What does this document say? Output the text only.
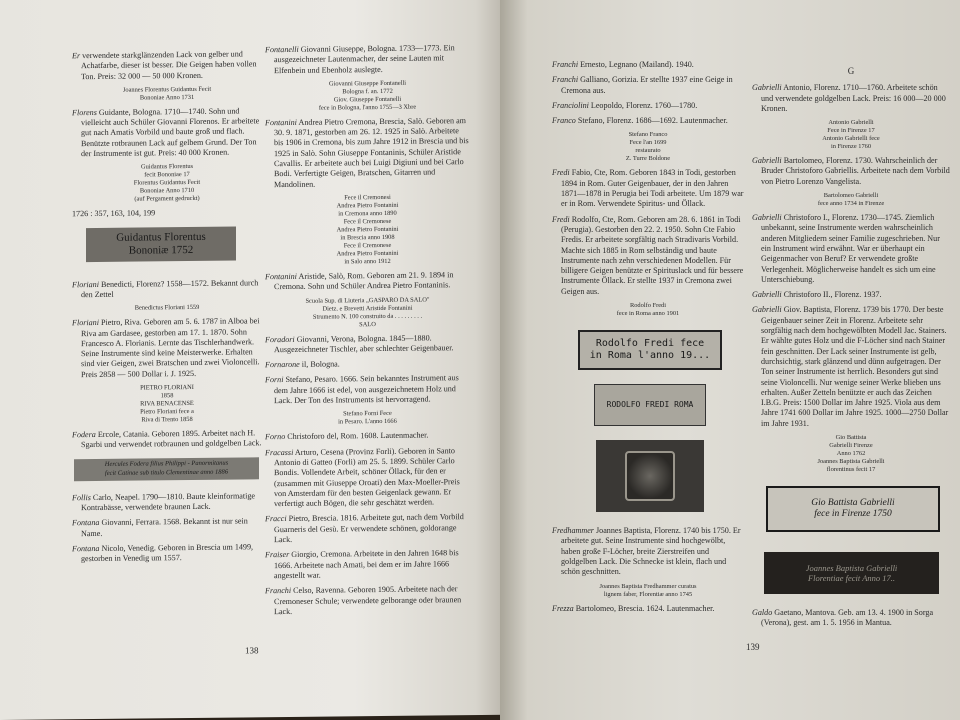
Er verwendete starkglänzenden Lack von gelber und Achatfarbe, dieser ist besser. Die Geigen haben vollen Ton. Preis: 32 000 — 50 000 Kronen.

Joannes Florentus Guidantus Fecit
Bononiae Anno 1731

Florens Guidante, Bologna. 1710—1740. Sohn und vielleicht auch Schüler Giovanni Florenos. Er arbeitete gut nach Amatis Vorbild und baute groß und flach. Benützte rotbraunen Lack auf gelbem Grund. Der Ton der Instrumente ist gut. Preis: 40 000 Kronen.

Guidantus Florentus
fecit Bononiae 17
Florentus Guidantus Fecit
Bononiae Anno 1710
(auf Pergament gedruckt)

1726 : 357, 163, 104, 199

Guidantus Florentus
Bononiæ 1752

Floriani Benedicti, Florenz? 1558—1572. Bekannt durch den Zettel

Benedictus Floriani 1559

Floriani Pietro, Riva. Geboren am 5. 6. 1787 in Alboa bei Riva am Gardasee, gestorben am 17. 1. 1870. Sohn Francesco A. Florianis. Lernte das Tischlerhandwerk. Seine Instrumente sind keine Meisterwerke. Erhalten sind vier Geigen, zwei Bratschen und zwei Violoncelli. Preis 2858 — 500 Dollar i. J. 1925.

PIETRO FLORIANI
1858
RIVA BENACENSE
Pietro Floriani fece a
Riva di Trento 1858

Fodera Ercole, Catania. Geboren 1895. Arbeitet nach H. Sgarbi und verwendet rotbraunen und goldgelben Lack.

Hercules Fodera filius Philippi - Panormitanus
fecit Catinae sub titulo Clementinae anno 1886

Follis Carlo, Neapel. 1790—1810. Baute kleinformatige Kontrabässe, verwendete braunen Lack.

Fontana Giovanni, Ferrara. 1568. Bekannt ist nur sein Name.

Fontana Nicolo, Venedig. Geboren in Brescia um 1499, gestorben in Venedig um 1557.

Fontanelli Giovanni Giuseppe, Bologna. 1733—1773. Ein ausgezeichneter Lautenmacher, der seine Lauten mit Elfenbein und Ebenholz auslegte.

Giovanni Giuseppe Fontanelli
Bologna f. an. 1772
Giov. Giuseppe Fontanelli
fece in Bologna, l'anno 1755—3 Xbre

Fontanini Andrea Pietro Cremona, Brescia, Salò. Geboren am 30. 9. 1871, gestorben am 26. 12. 1925 in Salò. Arbeitete bis 1906 in Cremona, bis zum Jahre 1912 in Brescia und bis 1925 in Salò. Sohn Giuseppe Fontaninis, Schüler Aristide Cavallis. Er arbeitete auch bei Luigi Digiuni und bei Carlo Bodi. Verfertigte Geigen, Bratschen, Gitarren und Mandolinen.

Fece il Cremonesi
Andrea Pietro Fontanini
in Cremona anno 1890
Fece il Cremonese
Andrea Pietro Fontanini
in Brescia anno 1908
Fece il Cremonese
Andrea Pietro Fontanini
in Salo anno 1912

Fontanini Aristide, Salò, Rom. Geboren am 21. 9. 1894 in Cremona. Sohn und Schüler Andrea Pietro Fontaninis.

Scuola Sup. di Liuteria „GASPARO DA SALO"
Dietz. e Brevetti Aristide Fontanini
Strumento N. 100 construito da . . . . . . . . .
SALO

Foradori Giovanni, Verona, Bologna. 1845—1880. Ausgezeichneter Tischler, aber schlechter Geigenbauer.

Fornarone il, Bologna.

Forni Stefano, Pesaro. 1666. Sein bekanntes Instrument aus dem Jahre 1666 ist edel, von ausgezeichnetem Holz und Lack. Der Ton des Instruments ist hervorragend.

Stefano Forni Fece
in Pesaro. L'anno 1666

Forno Christoforo del, Rom. 1608. Lautenmacher.

Fracassi Arturo, Cesena (Provinz Forli). Geboren in Santo Antonio di Gatteo (Forli) am 25. 5. 1899. Schüler Carlo Bondis. Vollendete Arbeit, schöner Öllack, für den er (zusammen mit Giuseppe Oroati) den Max-Moeller-Preis von Amsterdam für den besten Geigenlack gewann. Er verfertigt auch Bögen, die sehr geschätzt werden.

Fracci Pietro, Brescia. 1816. Arbeitete gut, nach dem Vorbild Guarneris del Gesù. Er verwendete schönen, goldorange Lack.

Fraiser Giorgio, Cremona. Arbeitete in den Jahren 1648 bis 1666. Arbeitete nach Amati, bei dem er im Jahre 1666 angestellt war.

Franchi Celso, Ravenna. Geboren 1905. Arbeitete nach der Cremoneser Schule; verwendete gelborange oder braunen Lack.

138

Franchi Ernesto, Legnano (Mailand). 1940.

Franchi Galliano, Gorizia. Er stellte 1937 eine Geige in Cremona aus.

Franciolini Leopoldo, Florenz. 1760—1780.

Franco Stefano, Florenz. 1686—1692. Lautenmacher.

Stefano Franco
Fece l'an 1699
restaurato
Z. Turre Boldone

Fredi Fabio, Cte, Rom. Geboren 1843 in Todi, gestorben 1894 in Rom. Guter Geigenbauer, der in den Jahren 1871—1878 in Perugia bei Todi arbeitete. Um 1879 war er in Rom. Verwendete Spiritus- und Öllack.

Fredi Rodolfo, Cte, Rom. Geboren am 28. 6. 1861 in Todi (Perugia). Gestorben den 22. 2. 1950. Sohn Cte Fabio Fredis. Er arbeitete sorgfältig nach Stradivaris Vorbild. Machte sich 1885 in Rom selbständig und baute Instrumente nach zehn verschiedenen Modellen. Für billigere Geigen benützte er Spirituslack und für bessere Instrumente Öllack. Er stellte 1937 in Cremona zwei Geigen aus.

Rodolfo Fredi
fece in Roma anno 1901
Rodolfo Fredi fece
in Roma l'anno 19...
RODOLFO FREDI ROMA

Fredhammer Joannes Baptista, Florenz. 1740 bis 1750. Er arbeitete gut. Seine Instrumente sind hochgewölbt, haben große F-Löcher, breite Zierstreifen und goldgelben Lack. Die Schnecke ist klein, flach und schön geschnitten.

Joannes Baptista Fredhammer curatus
lignem faber, Florentiæ anno 1745

Frezza Bartolomeo, Brescia. 1624. Lautenmacher.

G

Gabrielli Antonio, Florenz. 1710—1760. Arbeitete schön und verwendete goldgelben Lack. Preis: 16 000—20 000 Kronen.

Antonio Gabrielli
Fece in Firenze 17
Antonio Gabrielli fece
in Firenze 1760

Gabrielli Bartolomeo, Florenz. 1730. Wahrscheinlich der Bruder Christoforo Gabriellis. Arbeitete nach dem Vorbild von Pietro Lorenzo Vangelista.

Bartolomeo Gabrielli
fece anno 1734 in Firenze

Gabrielli Christoforo I., Florenz. 1730—1745. Ziemlich unbekannt, seine Instrumente werden wahrscheinlich anderen Mitgliedern seiner Familie zugeschrieben. Nur ein Instrument wird erwähnt. War er überhaupt ein Geigenmacher von Beruf? Er verwendete großte Verlegenheit. Möglicherweise handelt es sich um eine Unterschiebung.

Gabrielli Christoforo II., Florenz. 1937.

Gabrielli Giov. Baptista, Florenz. 1739 bis 1770. Der beste Geigenbauer seiner Zeit in Florenz. Arbeitete sehr sorgfältig nach dem hochgewölbten Modell Jac. Stainers. Er wählte gutes Holz und die F-Löcher sind nach Stainer fein geschnitten. Der Lack seiner Instrumente ist gelb, durchsichtig, stark glänzend und dünn aufgetragen. Der Ton seiner Instrumente ist herrlich. Besonders gut sind seine Violoncelli. Nur wenige seiner Werke blieben uns erhalten. Außer Zetteln benützte er auch das Zeichen I.B.G. Preis: 1500 Dollar im Jahre 1925. Viola aus dem Jahre 1741 600 Dollar im Jahre 1925. 1000—2750 Dollar im Jahre 1931.

Gio Battista
Gabrielli Firenze
Anno 1762
Joannes Baptista Gabrielli
florentinus fecit 17
Gio Battista Gabrielli
fece in Firenze 1750
Joannes Baptista Gabrielli
Florentiae fecit Anno 17..

Galdo Gaetano, Mantova. Geb. am 13. 4. 1900 in Sorga (Verona), gest. am 1. 5. 1956 in Mantua.

139
